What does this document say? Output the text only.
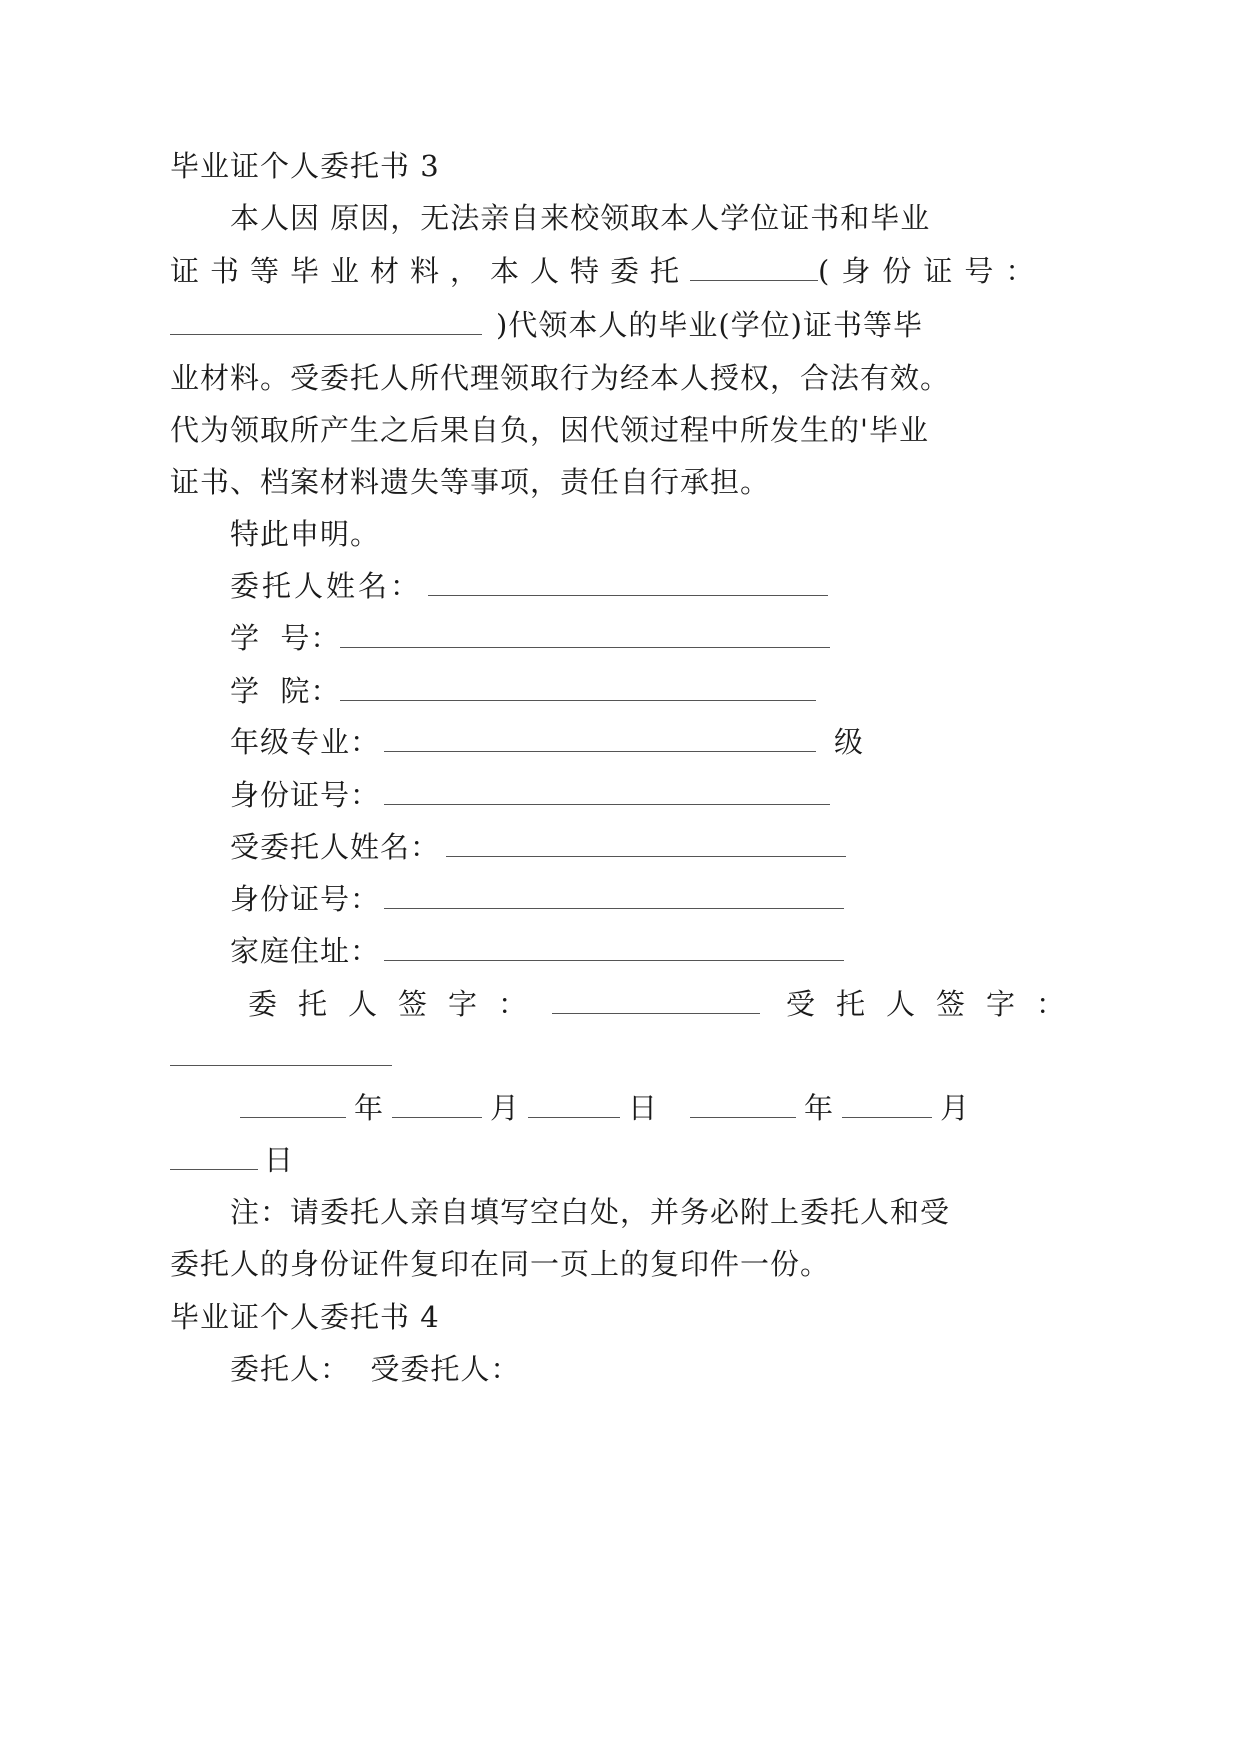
毕业证个人委托书 3
本人因 原因，无法亲自来校领取本人学位证书和毕业
证书等毕业材料，本人特委托	(身份证号：
)代领本人的毕业(学位)证书等毕
业材料。受委托人所代理领取行为经本人授权，合法有效。
代为领取所产生之后果自负，因代领过程中所发生的'毕业
证书、档案材料遗失等事项，责任自行承担。
特此申明。
委托人姓名：
学  号：
学  院：
年级专业：	级
身份证号：
受委托人姓名：
身份证号：
家庭住址：
委托人签字：	受托人签字：
年	月	日	年	月
日
注：请委托人亲自填写空白处，并务必附上委托人和受
委托人的身份证件复印在同一页上的复印件一份。
毕业证个人委托书 4
委托人：  受委托人：
